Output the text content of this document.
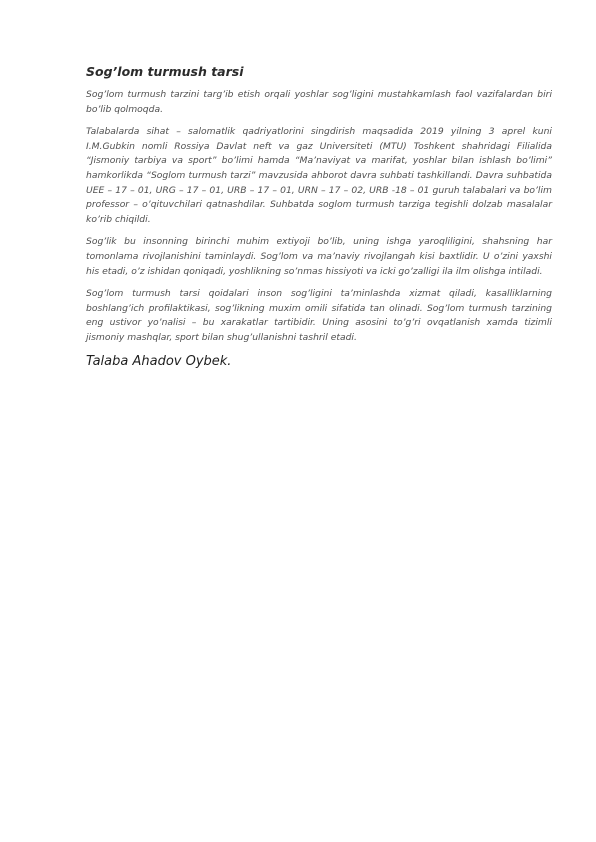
Sog’lom turmush tarsi

Sog’lom turmush tarzini targ’ib etish orqali yoshlar sog’ligini mustahkamlash faol vazifalardan biri bo’lib qolmoqda.

Talabalarda sihat – salomatlik qadriyatlorini singdirish maqsadida 2019 yilning 3 aprel kuni I.M.Gubkin nomli Rossiya Davlat neft va gaz Universiteti (MTU) Toshkent shahridagi Filialida “Jismoniy tarbiya va sport” bo’limi hamda “Ma’naviyat va marifat, yoshlar bilan ishlash bo’limi” hamkorlikda “Soglom turmush tarzi” mavzusida ahborot davra suhbati tashkillandi. Davra suhbatida UEE – 17 – 01, URG – 17 – 01, URB – 17 – 01, URN – 17 – 02, URB -18 – 01 guruh talabalari va bo’lim professor – o’qituvchilari qatnashdilar. Suhbatda soglom turmush tarziga tegishli dolzab masalalar ko’rib chiqildi.

Sog’lik bu insonning birinchi muhim extiyoji bo’lib, uning ishga yaroqliligini, shahsning har tomonlama rivojlanishini taminlaydi. Sog’lom va ma’naviy rivojlangah kisi baxtlidir. U o’zini yaxshi his etadi, o’z ishidan qoniqadi, yoshlikning so’nmas hissiyoti va icki go’zalligi ila ilm olishga intiladi.

Sog’lom turmush tarsi qoidalari inson sog’ligini ta’minlashda xizmat qiladi, kasalliklarning boshlang’ich profilaktikasi, sog’likning muxim omili sifatida tan olinadi. Sog’lom turmush tarzining eng ustivor yo’nalisi – bu xarakatlar tartibidir. Uning asosini to’g’ri ovqatlanish xamda tizimli jismoniy mashqlar, sport bilan shug’ullanishni tashril etadi.

Talaba Ahadov Oybek.
